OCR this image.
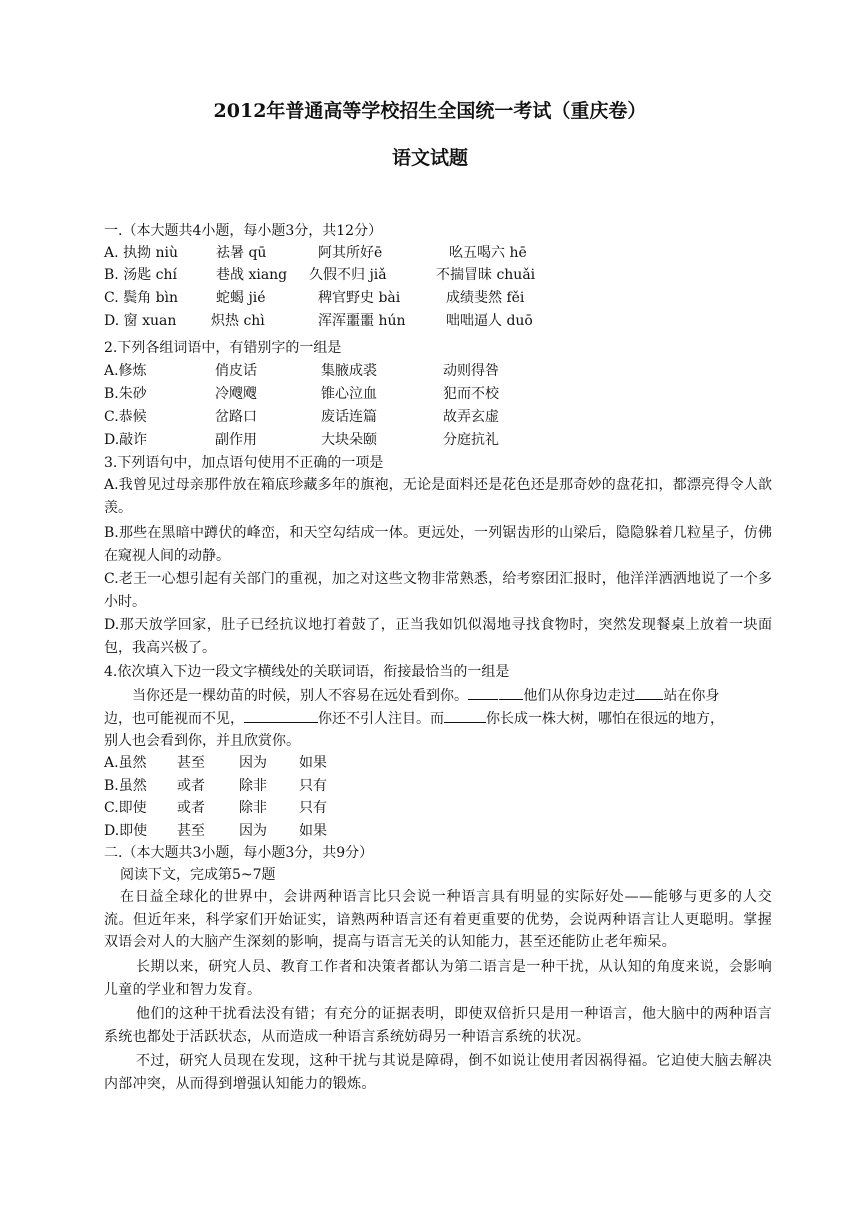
2012年普通高等学校招生全国统一考试（重庆卷）
语文试题
一.（本大题共4小题，每小题3分，共12分）
A. 执拗 niù	祛暑 qū	阿其所好ē	吆五喝六 hē
B. 汤匙 chí	巷战 xiang 久假不归 jiǎ	不揣冒昧 chuǎi
C. 鬓角 bìn	蛇蝎 jié	稗官野史 bài	成绩斐然 fěi
D. 窗 xuan 炽热 chì	浑浑噩噩 hún	咄咄逼人 duō
2.下列各组词语中，有错别字的一组是
A.修炼	俏皮话	集腋成裘	动则得咎
B.朱砂	冷飕飕	锥心泣血	犯而不校
C.恭候	岔路口	废话连篇	故弄玄虚
D.敲诈	副作用	大块朵颐	分庭抗礼
3.下列语句中，加点语句使用不正确的一项是
A.我曾见过母亲那件放在箱底珍藏多年的旗袍，无论是面料还是花色还是那奇妙的盘花扣，都漂亮得令人歆羡。
B.那些在黑暗中蹲伏的峰峦，和天空勾结成一体。更远处，一列锯齿形的山梁后，隐隐躲着几粒星子，仿佛在窥视人间的动静。
C.老王一心想引起有关部门的重视，加之对这些文物非常熟悉，给考察团汇报时，他洋洋洒洒地说了一个多小时。
D.那天放学回家，肚子已经抗议地打着鼓了，正当我如饥似渴地寻找食物时，突然发现餐桌上放着一块面包，我高兴极了。
4.依次填入下边一段文字横线处的关联词语，衔接最恰当的一组是
当你还是一棵幼苗的时候，别人不容易在远处看到你。 	他们从你身边走过 站在你身
边，也可能视而不见，	你还不引人注目。而	你长成一株大树，哪怕在很远的地方，
别人也会看到你，并且欣赏你。
A.虽然 甚至 因为 如果
B.虽然 或者 除非 只有
C.即使 或者 除非 只有
D.即使 甚至 因为 如果
二.（本大题共3小题，每小题3分，共9分）
阅读下文，完成第5~7题
在日益全球化的世界中，会讲两种语言比只会说一种语言具有明显的实际好处——能够与更多的人交流。但近年来，科学家们开始证实，谙熟两种语言还有着更重要的优势，会说两种语言让人更聪明。掌握双语会对人的大脑产生深刻的影响，提高与语言无关的认知能力，甚至还能防止老年痴呆。
长期以来，研究人员、教育工作者和决策者都认为第二语言是一种干扰，从认知的角度来说，会影响儿童的学业和智力发育。
他们的这种干扰看法没有错；有充分的证据表明，即使双倍折只是用一种语言，他大脑中的两种语言系统也都处于活跃状态，从而造成一种语言系统妨碍另一种语言系统的状况。
不过，研究人员现在发现，这种干扰与其说是障碍，倒不如说让使用者因祸得福。它迫使大脑去解决内部冲突，从而得到增强认知能力的锻炼。
